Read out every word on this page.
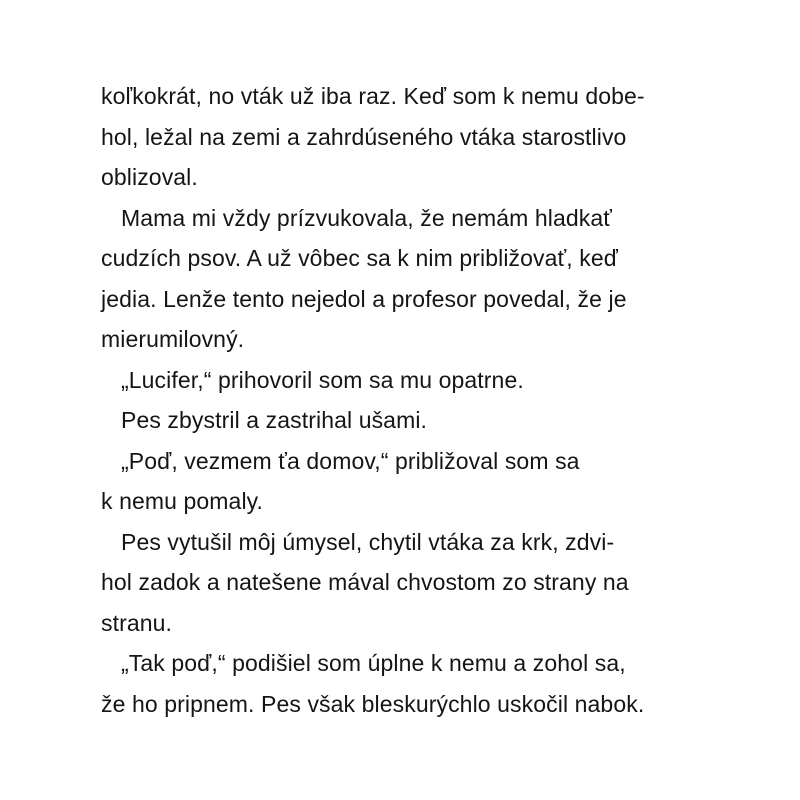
koľkokrát, no vták už iba raz. Keď som k nemu dobe-
hol, ležal na zemi a zahrdúseného vtáka starostlivo
oblizoval.
Mama mi vždy prízvukovala, že nemám hladkať
cudzích psov. A už vôbec sa k nim približovať, keď
jedia. Lenže tento nejedol a profesor povedal, že je
mierumilovný.
„Lucifer,“ prihovoril som sa mu opatrne.
Pes zbystril a zastrihal ušami.
„Poď, vezmem ťa domov,“ približoval som sa
k nemu pomaly.
Pes vytušil môj úmysel, chytil vtáka za krk, zdvi-
hol zadok a natešene mával chvostom zo strany na
stranu.
„Tak poď,“ podišiel som úplne k nemu a zohol sa,
že ho pripnem. Pes však bleskurýchlo uskočil nabok.
